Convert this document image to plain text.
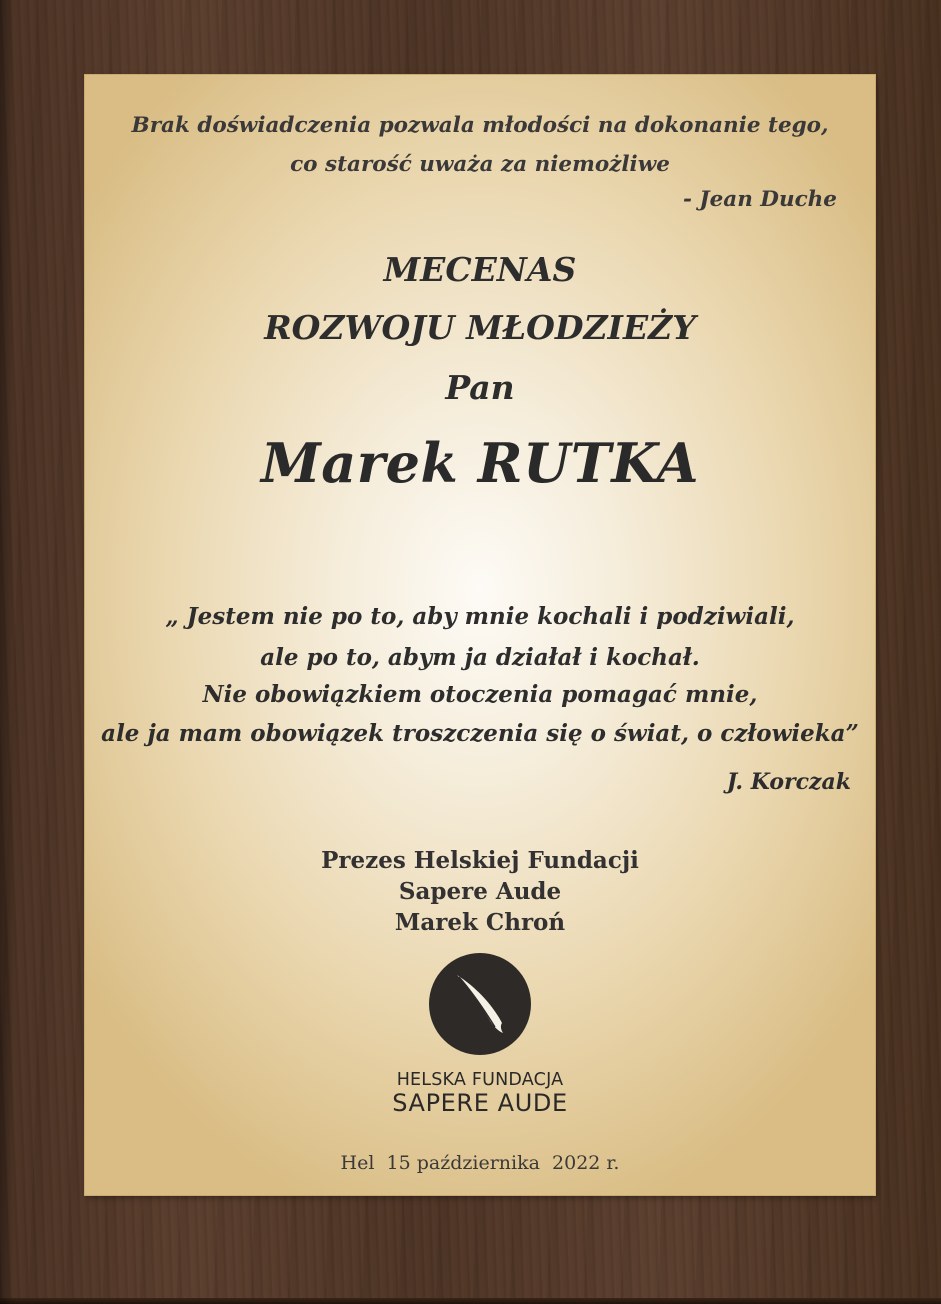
Brak doświadczenia pozwala młodości na dokonanie tego,
co starość uważa za niemożliwe
- Jean Duche
MECENAS
ROZWOJU MŁODZIEŻY
Pan
Marek RUTKA
„ Jestem nie po to, aby mnie kochali i podziwiali,
ale po to, abym ja działał i kochał.
Nie obowiązkiem otoczenia pomagać mnie,
ale ja mam obowiązek troszczenia się o świat, o człowieka”
J. Korczak
Prezes Helskiej Fundacji
Sapere Aude
Marek Chroń
HELSKA FUNDACJA
SAPERE AUDE
Hel  15 października  2022 r.
